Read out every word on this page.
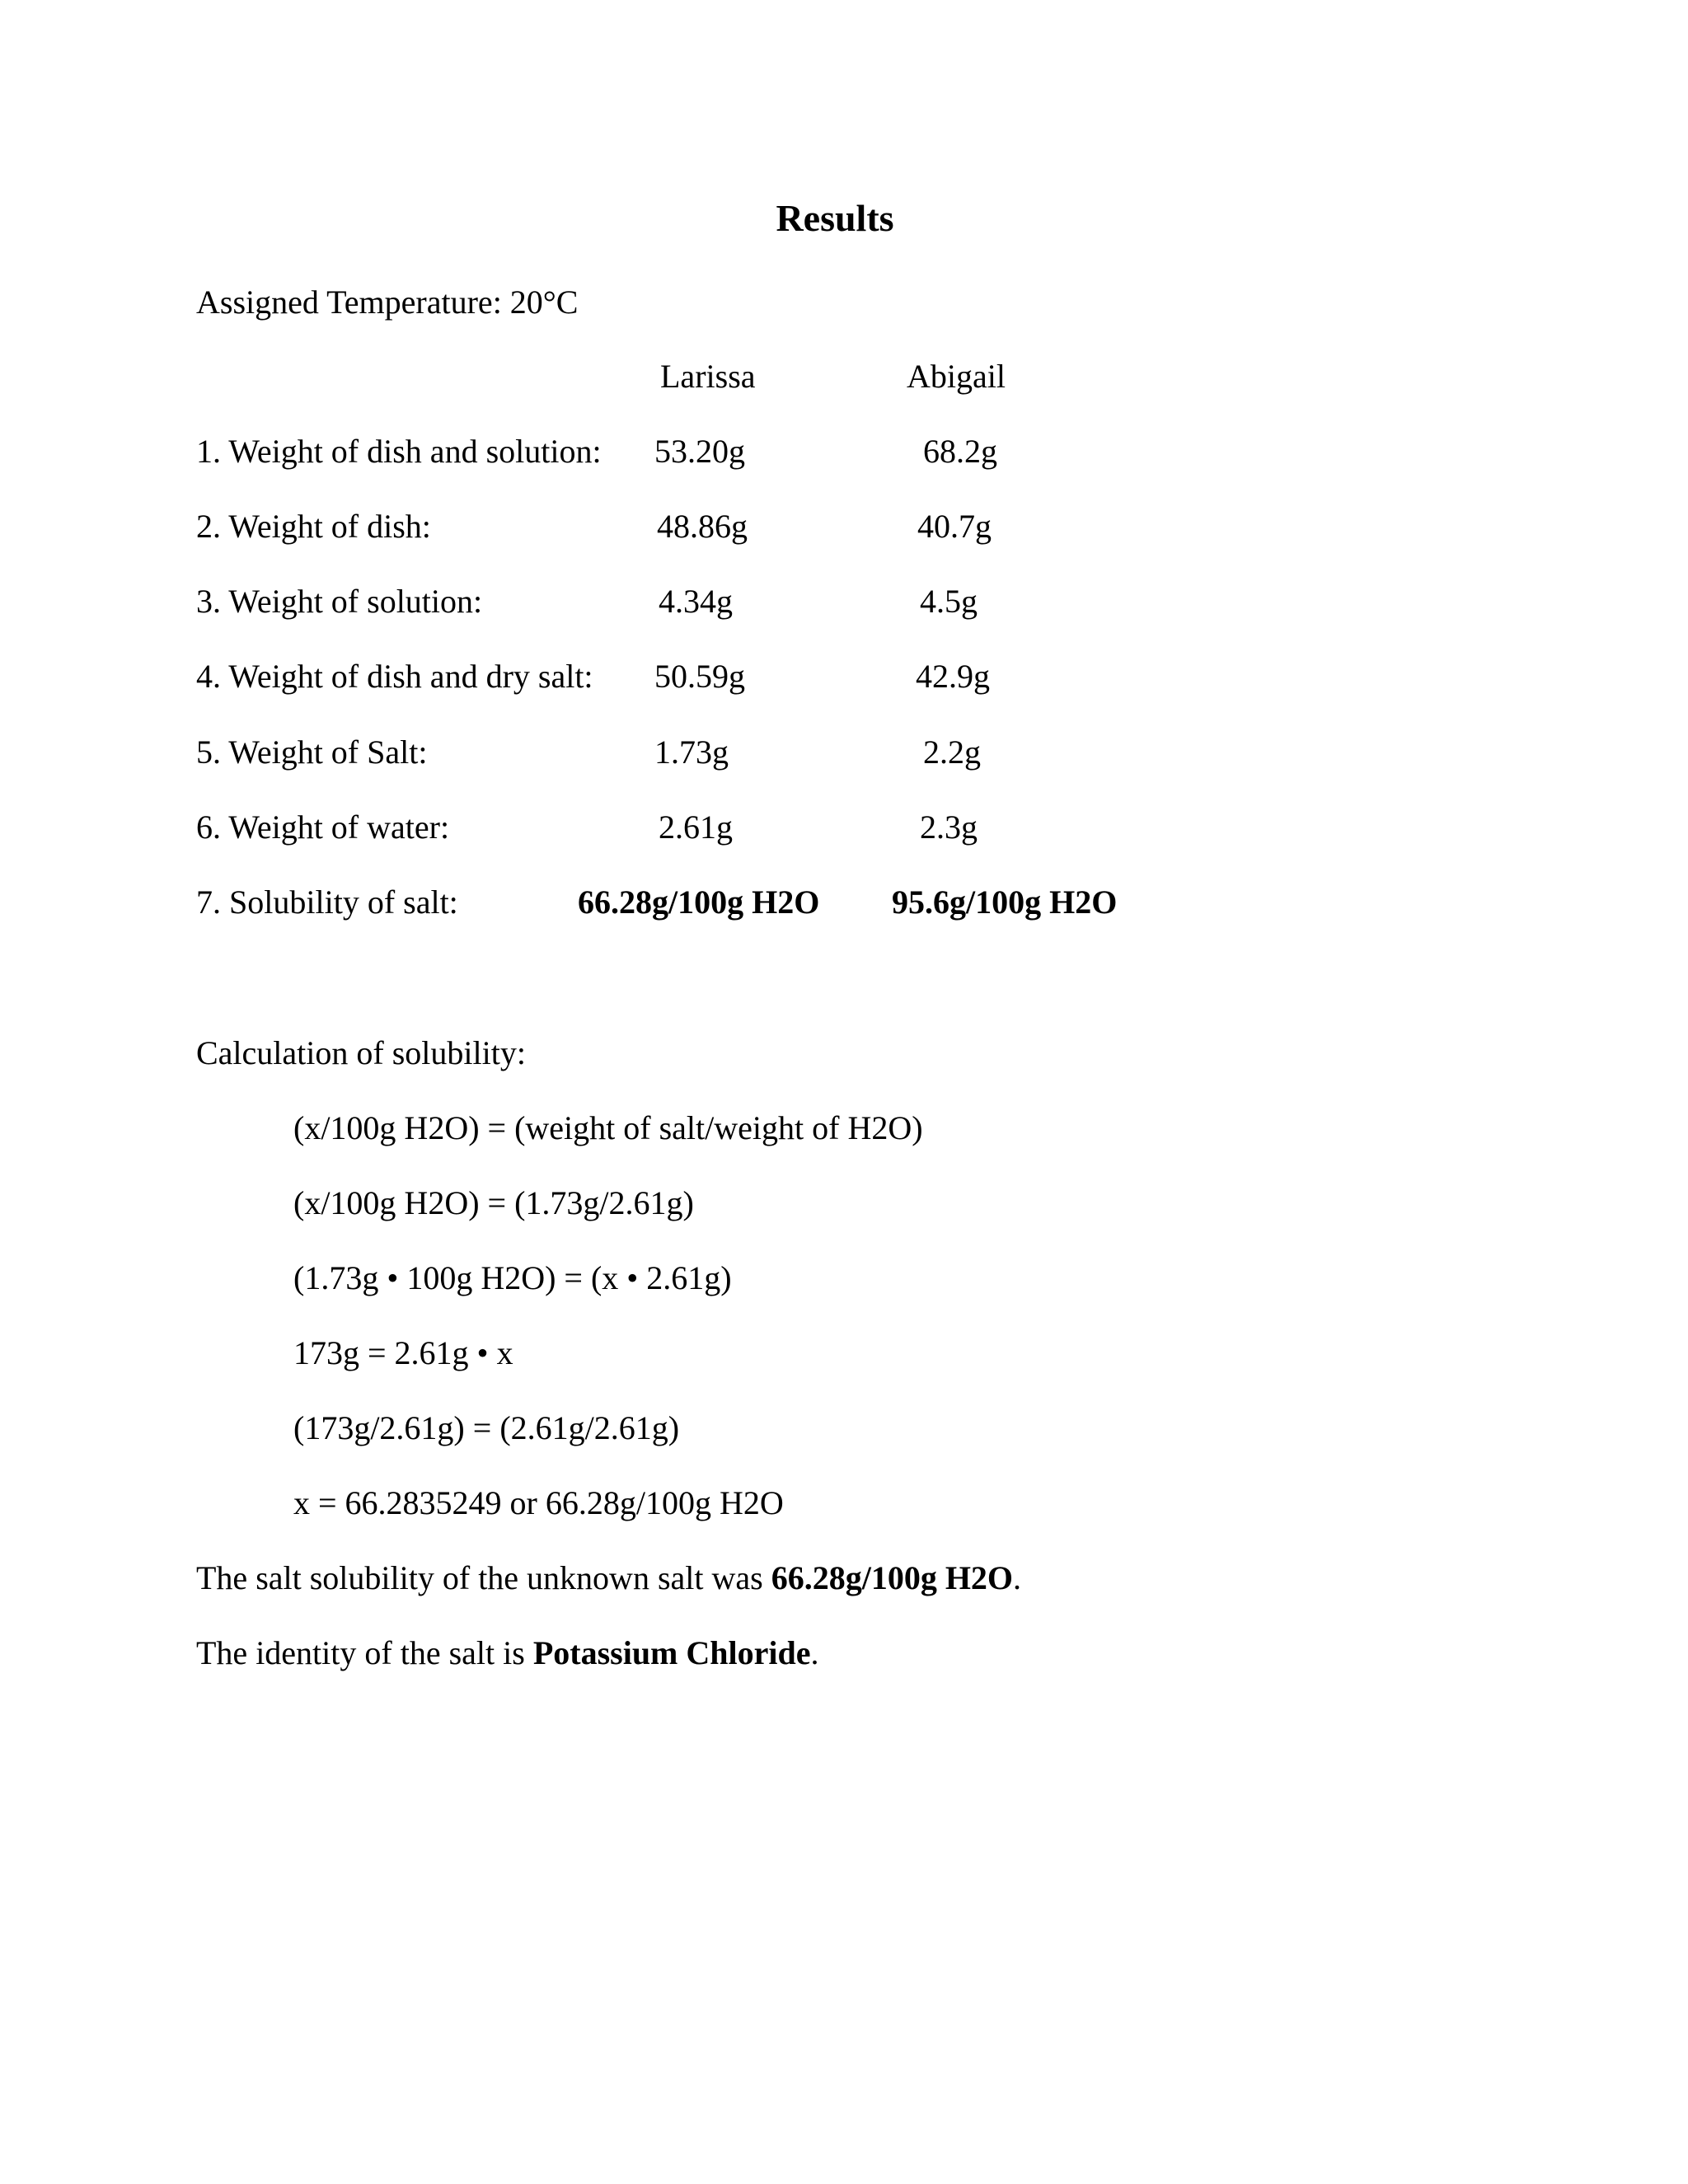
Results
Assigned Temperature: 20°C
Larissa	Abigail
1. Weight of dish and solution: 53.20g	68.2g
2. Weight of dish:	48.86g	40.7g
3. Weight of solution:	4.34g	4.5g
4. Weight of dish and dry salt: 50.59g	42.9g
5. Weight of Salt:	1.73g	2.2g
6. Weight of water:	2.61g	2.3g
7. Solubility of salt:	66.28g/100g H2O 95.6g/100g H2O
Calculation of solubility:
(x/100g H2O) = (weight of salt/weight of H2O)
(x/100g H2O) = (1.73g/2.61g)
(1.73g • 100g H2O) = (x • 2.61g)
173g = 2.61g • x
(173g/2.61g) = (2.61g/2.61g)
x = 66.2835249 or 66.28g/100g H2O
The salt solubility of the unknown salt was 66.28g/100g H2O.
The identity of the salt is Potassium Chloride.
